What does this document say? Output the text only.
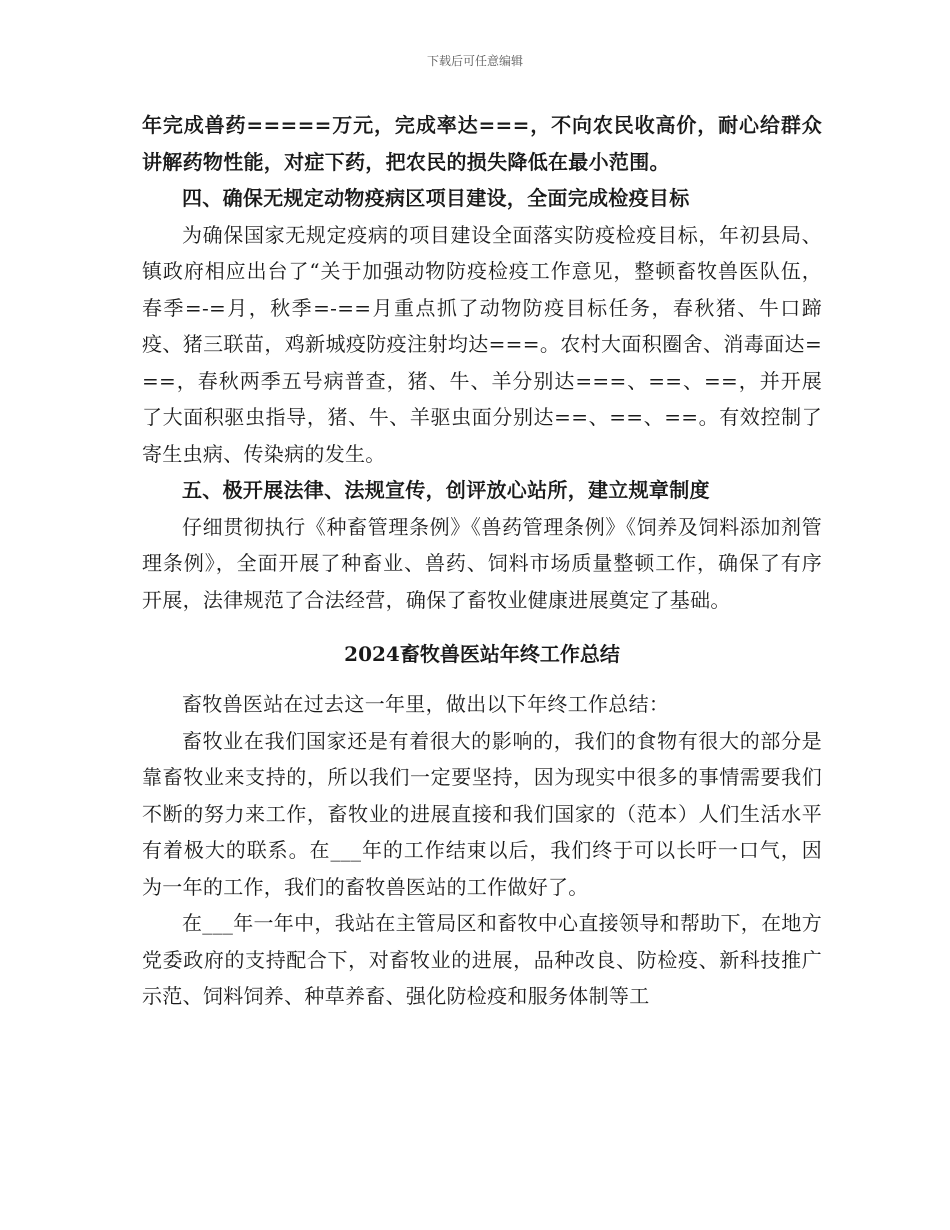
下载后可任意编辑

年完成兽药=====万元，完成率达===，不向农民收高价，耐心给群众讲解药物性能，对症下药，把农民的损失降低在最小范围。

四、确保无规定动物疫病区项目建设，全面完成检疫目标

为确保国家无规定疫病的项目建设全面落实防疫检疫目标，年初县局、镇政府相应出台了“关于加强动物防疫检疫工作意见，整顿畜牧兽医队伍，春季=-=月，秋季=-==月重点抓了动物防疫目标任务，春秋猪、牛口蹄疫、猪三联苗，鸡新城疫防疫注射均达===。农村大面积圈舍、消毒面达===，春秋两季五号病普查，猪、牛、羊分别达===、==、==，并开展了大面积驱虫指导，猪、牛、羊驱虫面分别达==、==、==。有效控制了寄生虫病、传染病的发生。

五、极开展法律、法规宣传，创评放心站所，建立规章制度

仔细贯彻执行《种畜管理条例》《兽药管理条例》《饲养及饲料添加剂管理条例》，全面开展了种畜业、兽药、饲料市场质量整顿工作，确保了有序开展，法律规范了合法经营，确保了畜牧业健康进展奠定了基础。

2024畜牧兽医站年终工作总结

畜牧兽医站在过去这一年里，做出以下年终工作总结：

畜牧业在我们国家还是有着很大的影响的，我们的食物有很大的部分是靠畜牧业来支持的，所以我们一定要坚持，因为现实中很多的事情需要我们不断的努力来工作，畜牧业的进展直接和我们国家的（范本）人们生活水平有着极大的联系。在___年的工作结束以后，我们终于可以长吁一口气，因为一年的工作，我们的畜牧兽医站的工作做好了。

在___年一年中，我站在主管局区和畜牧中心直接领导和帮助下，在地方党委政府的支持配合下，对畜牧业的进展，品种改良、防检疫、新科技推广示范、饲料饲养、种草养畜、强化防检疫和服务体制等工
